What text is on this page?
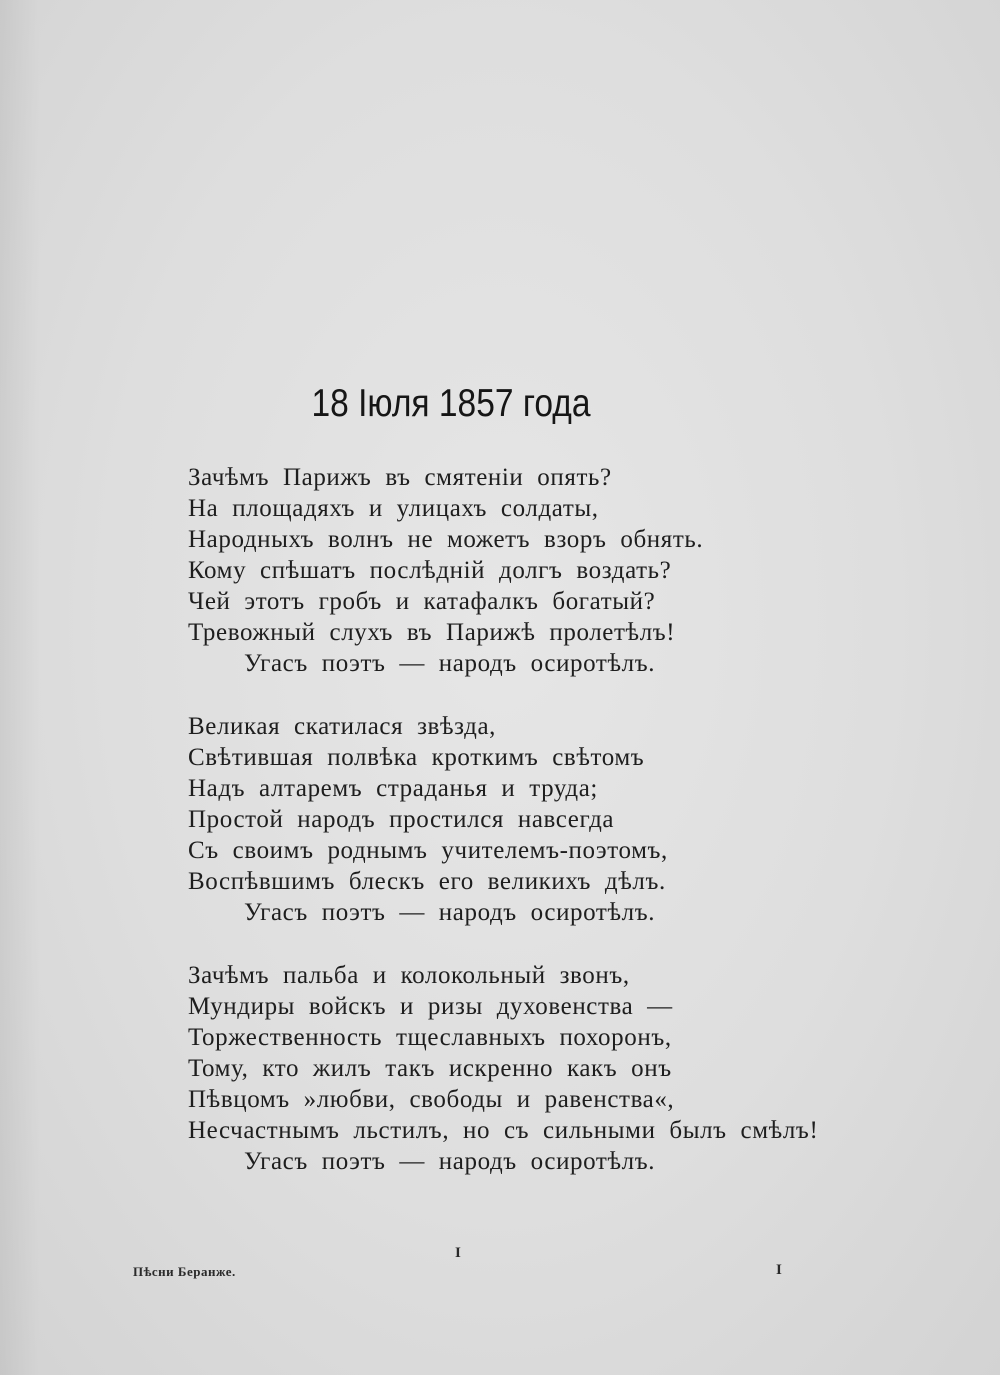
18 Іюля 1857 года
Зачѣмъ Парижъ въ смятеніи опять?
На площадяхъ и улицахъ солдаты,
Народныхъ волнъ не можетъ взоръ обнять.
Кому спѣшатъ послѣдній долгъ воздать?
Чей этотъ гробъ и катафалкъ богатый?
Тревожный слухъ въ Парижѣ пролетѣлъ!
Угасъ поэтъ — народъ осиротѣлъ.
Великая скатилася звѣзда,
Свѣтившая полвѣка кроткимъ свѣтомъ
Надъ алтаремъ страданья и труда;
Простой народъ простился навсегда
Съ своимъ роднымъ учителемъ-поэтомъ,
Воспѣвшимъ блескъ его великихъ дѣлъ.
Угасъ поэтъ — народъ осиротѣлъ.
Зачѣмъ пальба и колокольный звонъ,
Мундиры войскъ и ризы духовенства —
Торжественность тщеславныхъ похоронъ,
Тому, кто жилъ такъ искренно какъ онъ
Пѣвцомъ »любви, свободы и равенства«,
Несчастнымъ льстилъ, но съ сильными былъ смѣлъ!
Угасъ поэтъ — народъ осиротѣлъ.
I
Пѣсни Беранже.	I
